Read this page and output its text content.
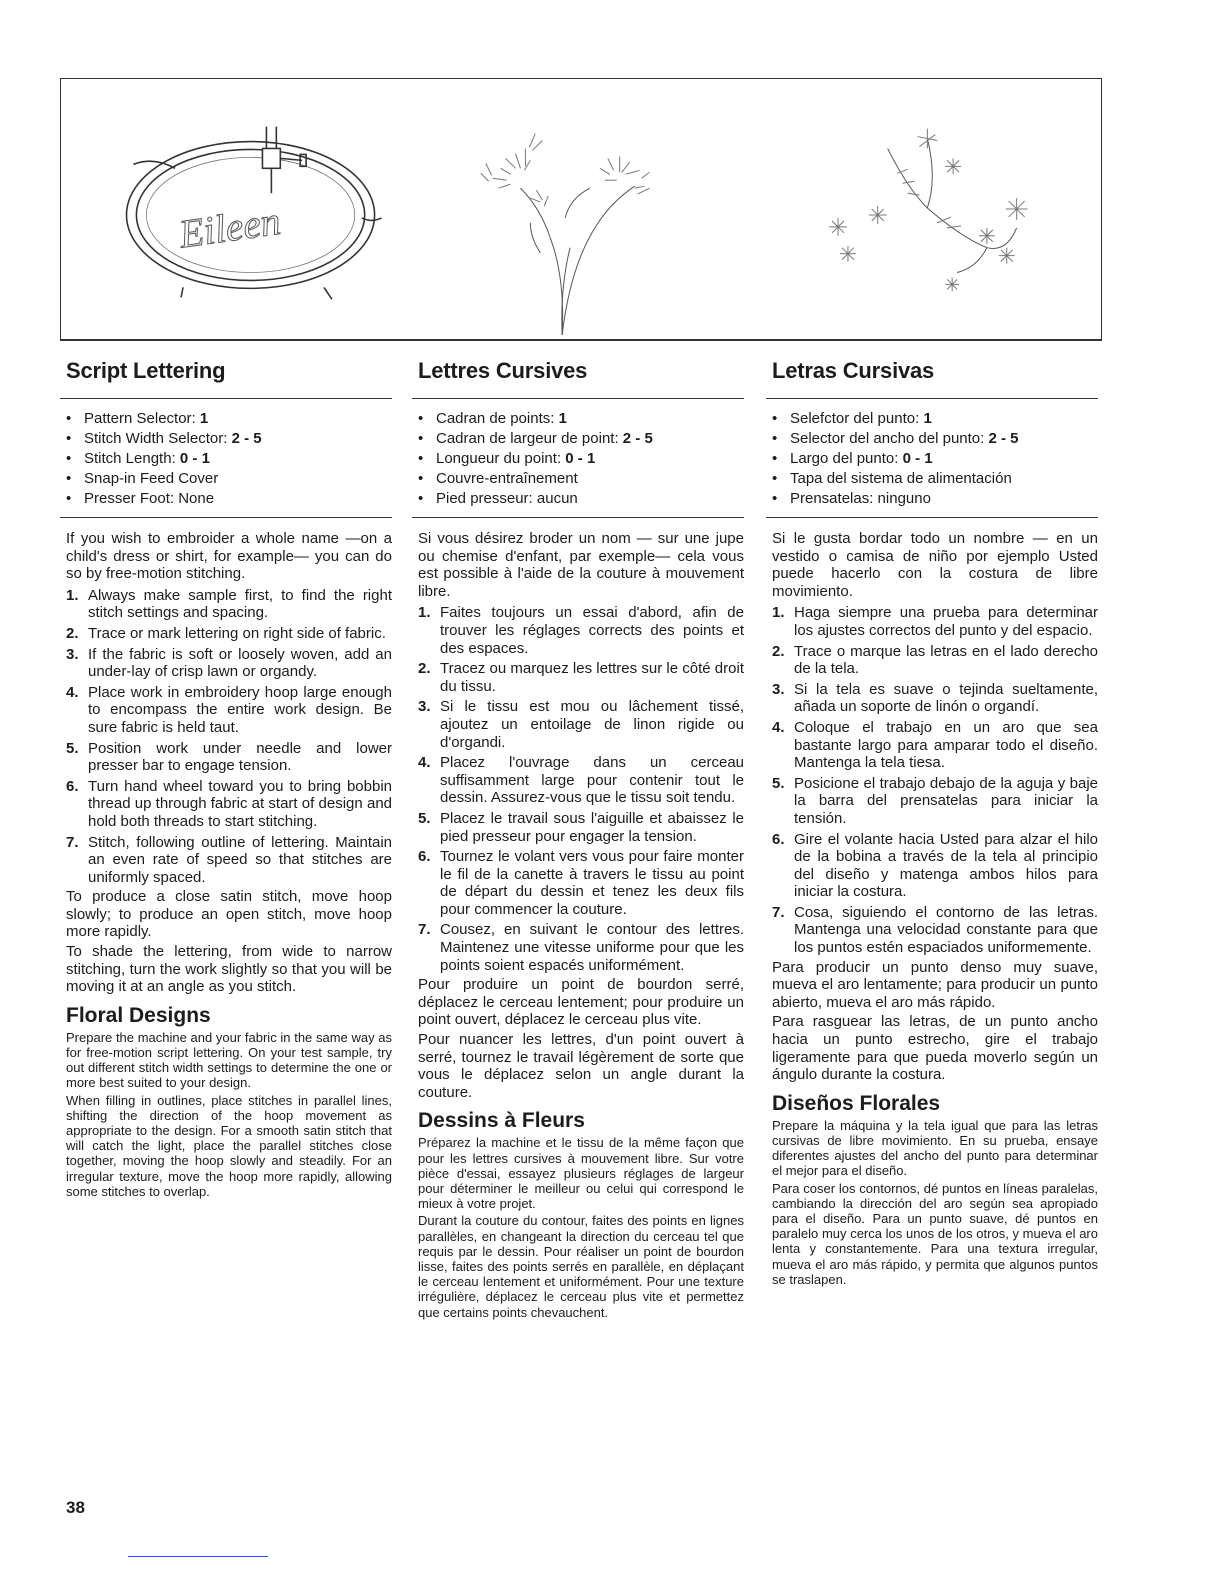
Eileen
Script Lettering
• Pattern Selector: 1
• Stitch Width Selector: 2 - 5
• Stitch Length: 0 - 1
• Snap-in Feed Cover
• Presser Foot: None

If you wish to embroider a whole name —on a child's dress or shirt, for example— you can do so by free-motion stitching.

1. Always make sample first, to find the right stitch settings and spacing.
2. Trace or mark lettering on right side of fabric.
3. If the fabric is soft or loosely woven, add an under-lay of crisp lawn or organdy.
4. Place work in embroidery hoop large enough to encompass the entire work design. Be sure fabric is held taut.
5. Position work under needle and lower presser bar to engage tension.
6. Turn hand wheel toward you to bring bobbin thread up through fabric at start of design and hold both threads to start stitching.
7. Stitch, following outline of lettering. Maintain an even rate of speed so that stitches are uniformly spaced.

To produce a close satin stitch, move hoop slowly; to produce an open stitch, move hoop more rapidly.

To shade the lettering, from wide to narrow stitching, turn the work slightly so that you will be moving it at an angle as you stitch.

Floral Designs

Prepare the machine and your fabric in the same way as for free-motion script lettering. On your test sample, try out different stitch width settings to determine the one or more best suited to your design.

When filling in outlines, place stitches in parallel lines, shifting the direction of the hoop movement as appropriate to the design. For a smooth satin stitch that will catch the light, place the parallel stitches close together, moving the hoop slowly and steadily. For an irregular texture, move the hoop more rapidly, allowing some stitches to overlap.

Lettres Cursives
• Cadran de points: 1
• Cadran de largeur de point: 2 - 5
• Longueur du point: 0 - 1
• Couvre-entraînement
• Pied presseur: aucun

Si vous désirez broder un nom — sur une jupe ou chemise d'enfant, par exemple— cela vous est possible à l'aide de la couture à mouvement libre.

1. Faites toujours un essai d'abord, afin de trouver les réglages corrects des points et des espaces.
2. Tracez ou marquez les lettres sur le côté droit du tissu.
3. Si le tissu est mou ou lâchement tissé, ajoutez un entoilage de linon rigide ou d'organdi.
4. Placez l'ouvrage dans un cerceau suffisamment large pour contenir tout le dessin. Assurez-vous que le tissu soit tendu.
5. Placez le travail sous l'aiguille et abaissez le pied presseur pour engager la tension.
6. Tournez le volant vers vous pour faire monter le fil de la canette à travers le tissu au point de départ du dessin et tenez les deux fils pour commencer la couture.
7. Cousez, en suivant le contour des lettres. Maintenez une vitesse uniforme pour que les points soient espacés uniformément.

Pour produire un point de bourdon serré, déplacez le cerceau lentement; pour produire un point ouvert, déplacez le cerceau plus vite.

Pour nuancer les lettres, d'un point ouvert à serré, tournez le travail légèrement de sorte que vous le déplacez selon un angle durant la couture.

Dessins à Fleurs

Préparez la machine et le tissu de la même façon que pour les lettres cursives à mouvement libre. Sur votre pièce d'essai, essayez plusieurs réglages de largeur pour déterminer le meilleur ou celui qui correspond le mieux à votre projet.

Durant la couture du contour, faites des points en lignes parallèles, en changeant la direction du cerceau tel que requis par le dessin. Pour réaliser un point de bourdon lisse, faites des points serrés en parallèle, en déplaçant le cerceau lentement et uniformément. Pour une texture irrégulière, déplacez le cerceau plus vite et permettez que certains points chevauchent.

Letras Cursivas
• Selefctor del punto: 1
• Selector del ancho del punto: 2 - 5
• Largo del punto: 0 - 1
• Tapa del sistema de alimentación
• Prensatelas: ninguno

Si le gusta bordar todo un nombre — en un vestido o camisa de niño por ejemplo Usted puede hacerlo con la costura de libre movimiento.

1. Haga siempre una prueba para determinar los ajustes correctos del punto y del espacio.
2. Trace o marque las letras en el lado derecho de la tela.
3. Si la tela es suave o tejinda sueltamente, añada un soporte de linón o organdí.
4. Coloque el trabajo en un aro que sea bastante largo para amparar todo el diseño. Mantenga la tela tiesa.
5. Posicione el trabajo debajo de la aguja y baje la barra del prensatelas para iniciar la tensión.
6. Gire el volante hacia Usted para alzar el hilo de la bobina a través de la tela al principio del diseño y matenga ambos hilos para iniciar la costura.
7. Cosa, siguiendo el contorno de las letras. Mantenga una velocidad constante para que los puntos estén espaciados uniformemente.

Para producir un punto denso muy suave, mueva el aro lentamente; para producir un punto abierto, mueva el aro más rápido.

Para rasguear las letras, de un punto ancho hacia un punto estrecho, gire el trabajo ligeramente para que pueda moverlo según un ángulo durante la costura.

Diseños Florales

Prepare la máquina y la tela igual que para las letras cursivas de libre movimiento. En su prueba, ensaye diferentes ajustes del ancho del punto para determinar el mejor para el diseño.

Para coser los contornos, dé puntos en líneas paralelas, cambiando la dirección del aro según sea apropiado para el diseño. Para un punto suave, dé puntos en paralelo muy cerca los unos de los otros, y mueva el aro lenta y constantemente. Para una textura irregular, mueva el aro más rápido, y permita que algunos puntos se traslapen.

38
